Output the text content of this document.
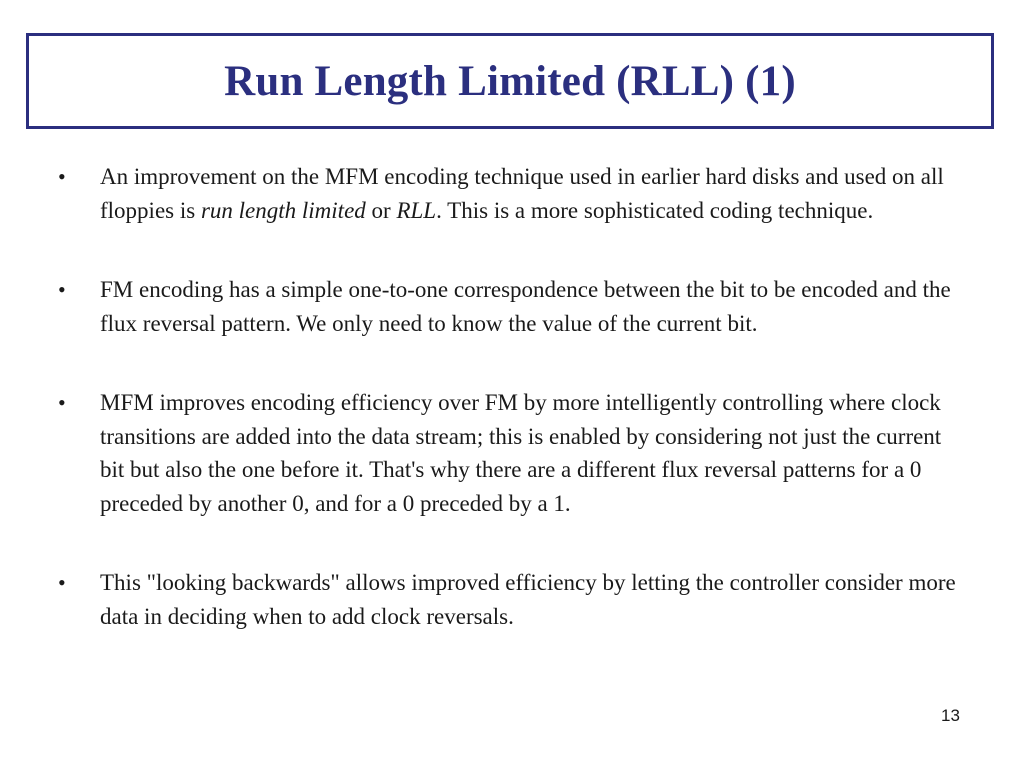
Run Length Limited (RLL) (1)
•	An improvement on the MFM encoding technique used in earlier hard disks and used on all floppies is run length limited or RLL. This is a more sophisticated coding technique.
•	FM encoding has a simple one-to-one correspondence between the bit to be encoded and the flux reversal pattern. We only need to know the value of the current bit.
•	MFM improves encoding efficiency over FM by more intelligently controlling where clock transitions are added into the data stream; this is enabled by considering not just the current bit but also the one before it. That's why there are a different flux reversal patterns for a 0 preceded by another 0, and for a 0 preceded by a 1.
•	This "looking backwards" allows improved efficiency by letting the controller consider more data in deciding when to add clock reversals.
13
